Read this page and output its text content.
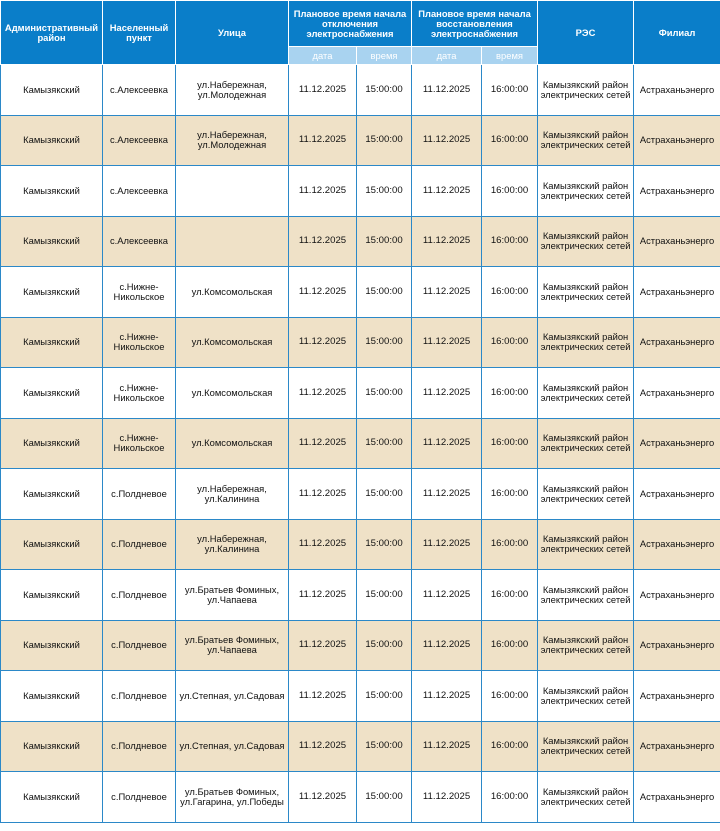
Административный район	Населенный пункт	Улица	Плановое время начала отключения электроснабжения		Плановое время начала восстановления электроснабжения		РЭС	Филиал
			дата	время	дата	время		
Камызякский	с.Алексеевка	ул.Набережная, ул.Молодежная	11.12.2025	15:00:00	11.12.2025	16:00:00	Камызякский район электрических сетей	Астраханьэнерго
Камызякский	с.Алексеевка	ул.Набережная, ул.Молодежная	11.12.2025	15:00:00	11.12.2025	16:00:00	Камызякский район электрических сетей	Астраханьэнерго
Камызякский	с.Алексеевка		11.12.2025	15:00:00	11.12.2025	16:00:00	Камызякский район электрических сетей	Астраханьэнерго
Камызякский	с.Алексеевка		11.12.2025	15:00:00	11.12.2025	16:00:00	Камызякский район электрических сетей	Астраханьэнерго
Камызякский	с.Нижне-Никольское	ул.Комсомольская	11.12.2025	15:00:00	11.12.2025	16:00:00	Камызякский район электрических сетей	Астраханьэнерго
Камызякский	с.Нижне-Никольское	ул.Комсомольская	11.12.2025	15:00:00	11.12.2025	16:00:00	Камызякский район электрических сетей	Астраханьэнерго
Камызякский	с.Нижне-Никольское	ул.Комсомольская	11.12.2025	15:00:00	11.12.2025	16:00:00	Камызякский район электрических сетей	Астраханьэнерго
Камызякский	с.Нижне-Никольское	ул.Комсомольская	11.12.2025	15:00:00	11.12.2025	16:00:00	Камызякский район электрических сетей	Астраханьэнерго
Камызякский	с.Полдневое	ул.Набережная, ул.Калинина	11.12.2025	15:00:00	11.12.2025	16:00:00	Камызякский район электрических сетей	Астраханьэнерго
Камызякский	с.Полдневое	ул.Набережная, ул.Калинина	11.12.2025	15:00:00	11.12.2025	16:00:00	Камызякский район электрических сетей	Астраханьэнерго
Камызякский	с.Полдневое	ул.Братьев Фоминых, ул.Чапаева	11.12.2025	15:00:00	11.12.2025	16:00:00	Камызякский район электрических сетей	Астраханьэнерго
Камызякский	с.Полдневое	ул.Братьев Фоминых, ул.Чапаева	11.12.2025	15:00:00	11.12.2025	16:00:00	Камызякский район электрических сетей	Астраханьэнерго
Камызякский	с.Полдневое	ул.Степная, ул.Садовая	11.12.2025	15:00:00	11.12.2025	16:00:00	Камызякский район электрических сетей	Астраханьэнерго
Камызякский	с.Полдневое	ул.Степная, ул.Садовая	11.12.2025	15:00:00	11.12.2025	16:00:00	Камызякский район электрических сетей	Астраханьэнерго
Камызякский	с.Полдневое	ул.Братьев Фоминых, ул.Гагарина, ул.Победы	11.12.2025	15:00:00	11.12.2025	16:00:00	Камызякский район электрических сетей	Астраханьэнерго
